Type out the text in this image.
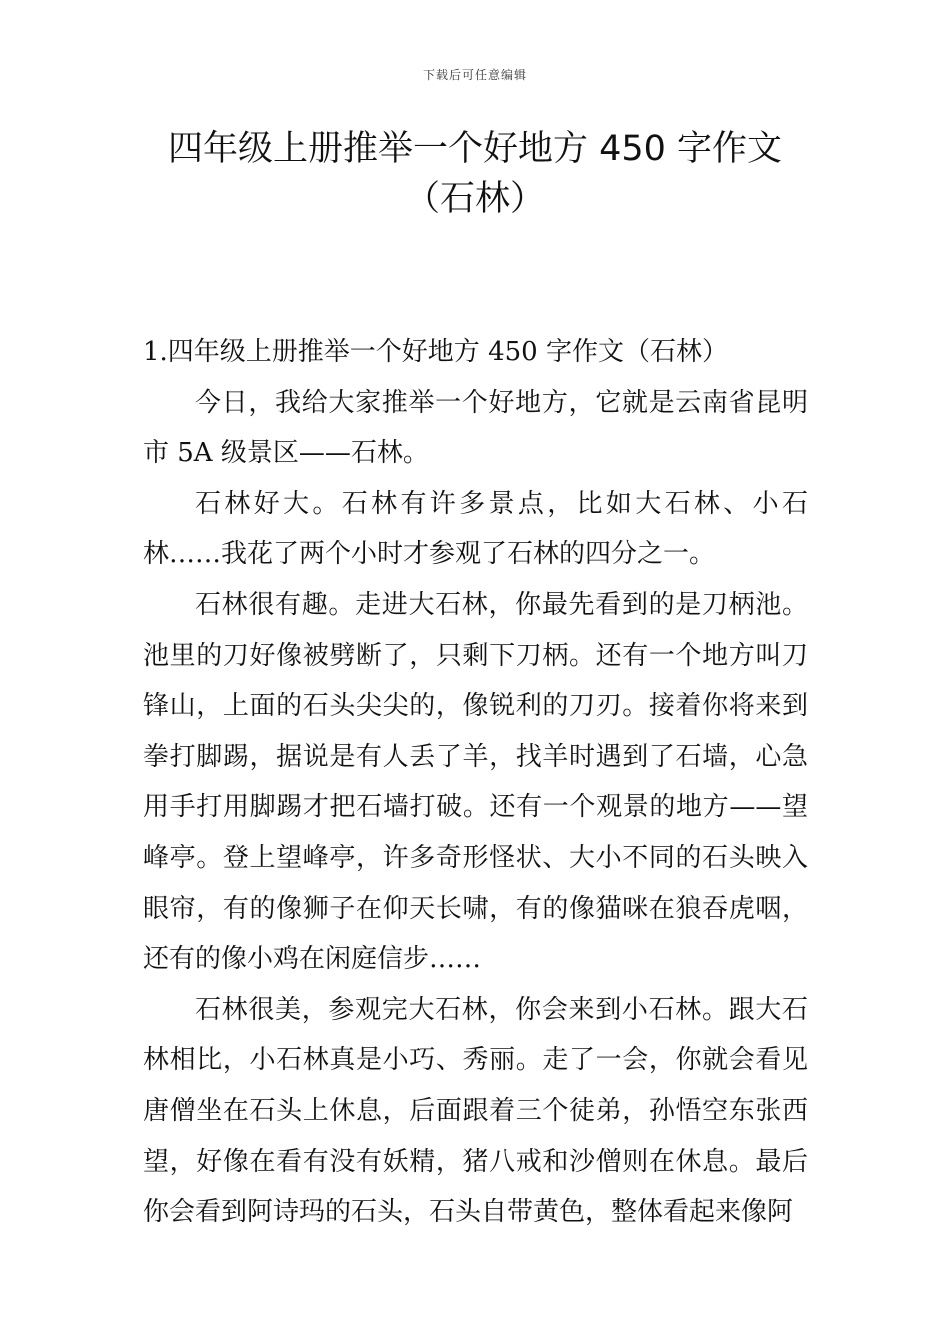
下载后可任意编辑
四年级上册推举一个好地方 450 字作文
（石林）

1.四年级上册推举一个好地方 450 字作文（石林）

今日，我给大家推举一个好地方，它就是云南省昆明市 5A 级景区——石林。

石林好大。石林有许多景点，比如大石林、小石林……我花了两个小时才参观了石林的四分之一。

石林很有趣。走进大石林，你最先看到的是刀柄池。池里的刀好像被劈断了，只剩下刀柄。还有一个地方叫刀锋山，上面的石头尖尖的，像锐利的刀刃。接着你将来到拳打脚踢，据说是有人丢了羊，找羊时遇到了石墙，心急用手打用脚踢才把石墙打破。还有一个观景的地方——望峰亭。登上望峰亭，许多奇形怪状、大小不同的石头映入眼帘，有的像狮子在仰天长啸，有的像猫咪在狼吞虎咽，还有的像小鸡在闲庭信步……

石林很美，参观完大石林，你会来到小石林。跟大石林相比，小石林真是小巧、秀丽。走了一会，你就会看见唐僧坐在石头上休息，后面跟着三个徒弟，孙悟空东张西望，好像在看有没有妖精，猪八戒和沙僧则在休息。最后你会看到阿诗玛的石头，石头自带黄色，整体看起来像阿
